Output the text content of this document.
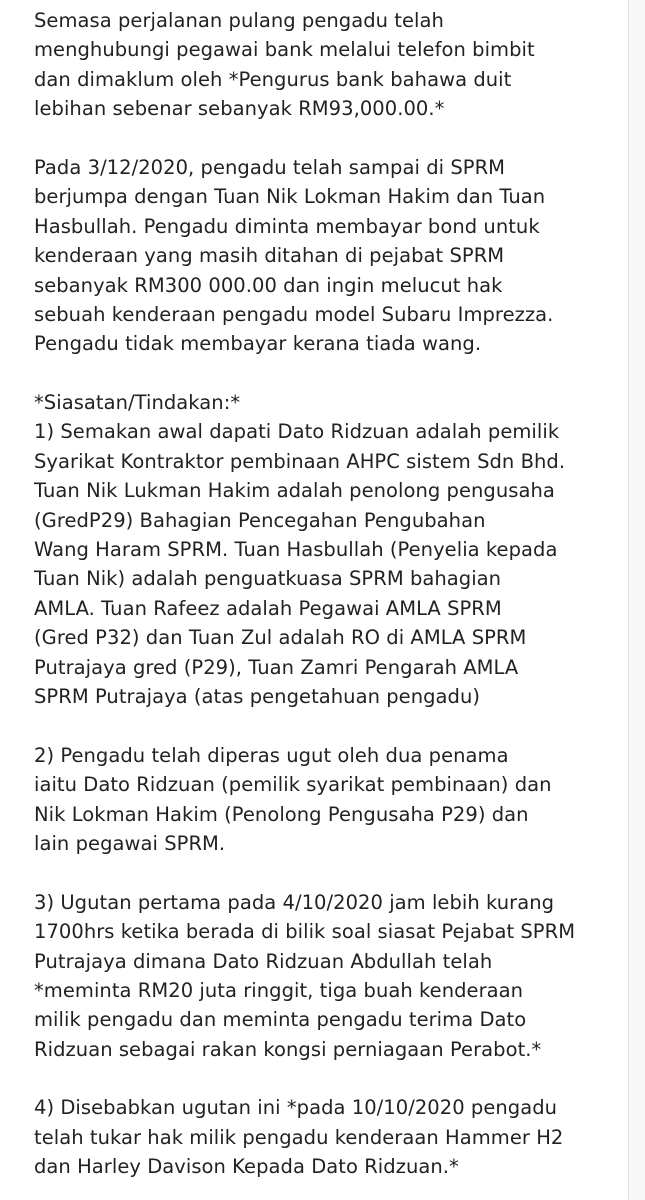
Semasa perjalanan pulang pengadu telah
menghubungi pegawai bank melalui telefon bimbit
dan dimaklum oleh *Pengurus bank bahawa duit
lebihan sebenar sebanyak RM93,000.00.*
Pada 3/12/2020, pengadu telah sampai di SPRM
berjumpa dengan Tuan Nik Lokman Hakim dan Tuan
Hasbullah. Pengadu diminta membayar bond untuk
kenderaan yang masih ditahan di pejabat SPRM
sebanyak RM300 000.00 dan ingin melucut hak
sebuah kenderaan pengadu model Subaru Imprezza.
Pengadu tidak membayar kerana tiada wang.
*Siasatan/Tindakan:*
1) Semakan awal dapati Dato Ridzuan adalah pemilik
Syarikat Kontraktor pembinaan AHPC sistem Sdn Bhd.
Tuan Nik Lukman Hakim adalah penolong pengusaha
(GredP29) Bahagian Pencegahan Pengubahan
Wang Haram SPRM. Tuan Hasbullah (Penyelia kepada
Tuan Nik) adalah penguatkuasa SPRM bahagian
AMLA. Tuan Rafeez adalah Pegawai AMLA SPRM
(Gred P32) dan Tuan Zul adalah RO di AMLA SPRM
Putrajaya gred (P29), Tuan Zamri Pengarah AMLA
SPRM Putrajaya (atas pengetahuan pengadu)
2) Pengadu telah diperas ugut oleh dua penama
iaitu Dato Ridzuan (pemilik syarikat pembinaan) dan
Nik Lokman Hakim (Penolong Pengusaha P29) dan
lain pegawai SPRM.
3) Ugutan pertama pada 4/10/2020 jam lebih kurang
1700hrs ketika berada di bilik soal siasat Pejabat SPRM
Putrajaya dimana Dato Ridzuan Abdullah telah
*meminta RM20 juta ringgit, tiga buah kenderaan
milik pengadu dan meminta pengadu terima Dato
Ridzuan sebagai rakan kongsi perniagaan Perabot.*
4) Disebabkan ugutan ini *pada 10/10/2020 pengadu
telah tukar hak milik pengadu kenderaan Hammer H2
dan Harley Davison Kepada Dato Ridzuan.*
